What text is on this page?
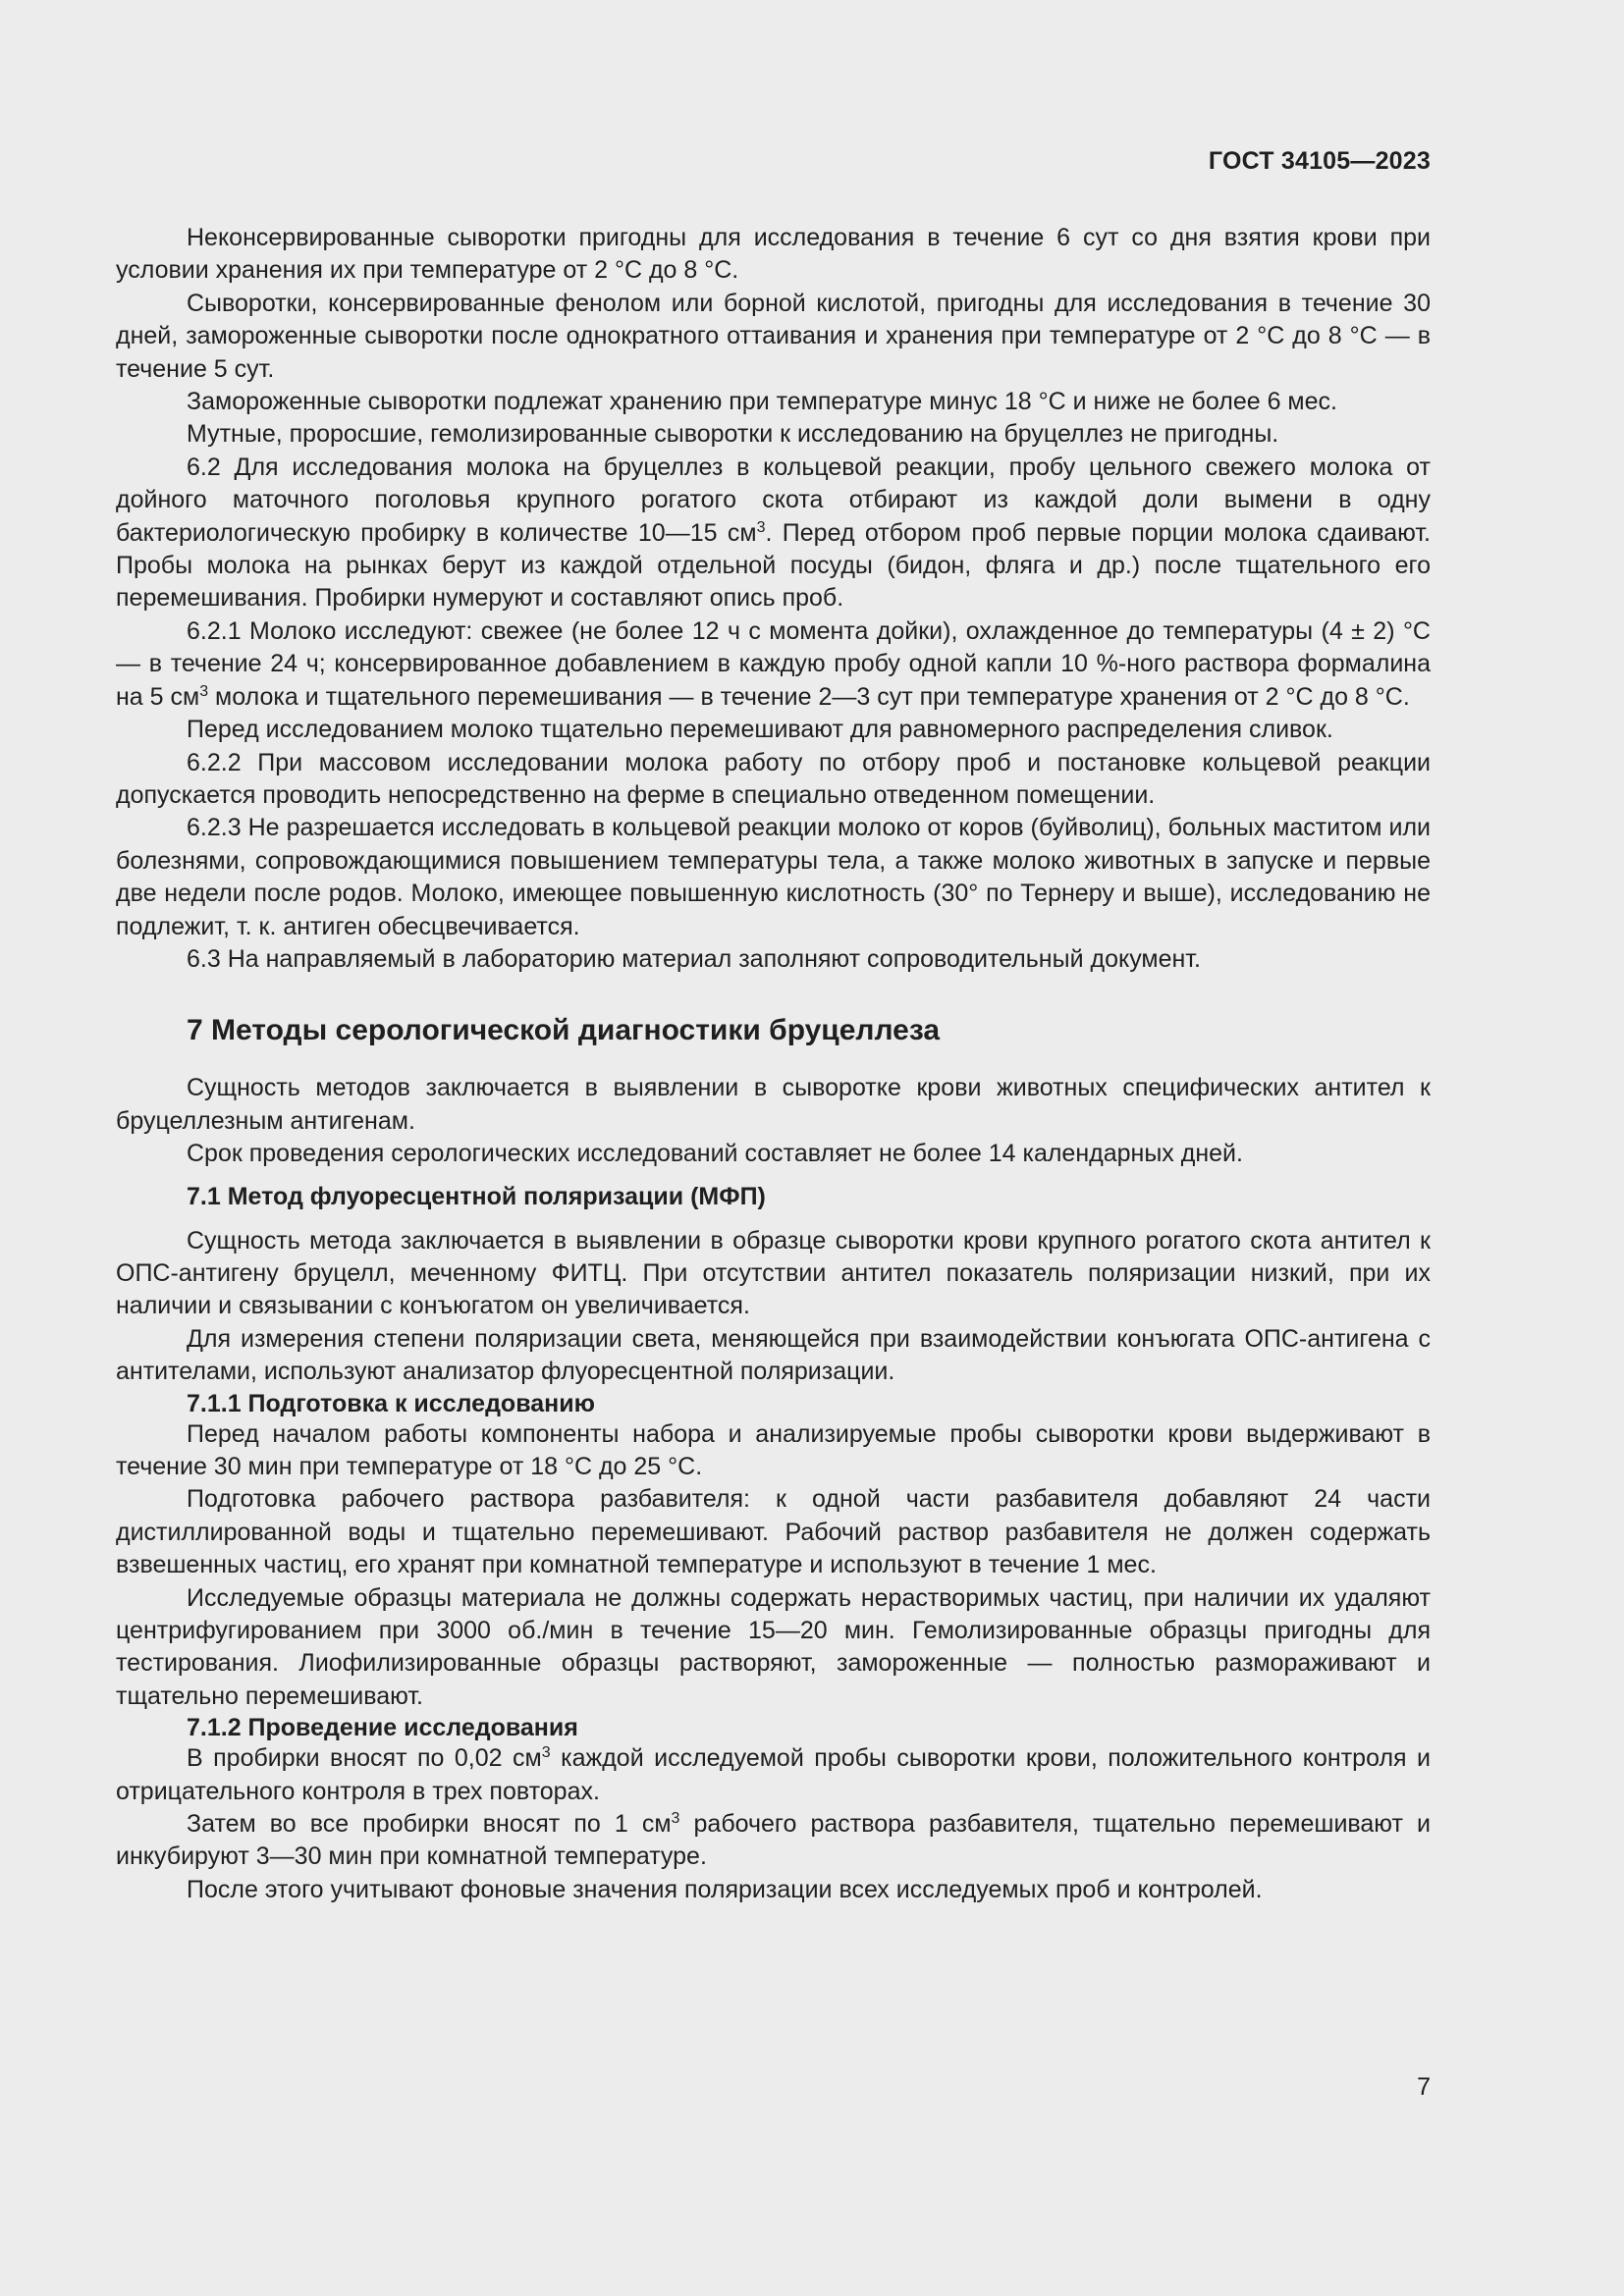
ГОСТ 34105—2023

Неконсервированные сыворотки пригодны для исследования в течение 6 сут со дня взятия крови при условии хранения их при температуре от 2 °С до 8 °С.

Сыворотки, консервированные фенолом или борной кислотой, пригодны для исследования в течение 30 дней, замороженные сыворотки после однократного оттаивания и хранения при температуре от 2 °С до 8 °С — в течение 5 сут.

Замороженные сыворотки подлежат хранению при температуре минус 18 °С и ниже не более 6 мес.

Мутные, проросшие, гемолизированные сыворотки к исследованию на бруцеллез не пригодны.

6.2 Для исследования молока на бруцеллез в кольцевой реакции, пробу цельного свежего молока от дойного маточного поголовья крупного рогатого скота отбирают из каждой доли вымени в одну бактериологическую пробирку в количестве 10—15 $см^3$. Перед отбором проб первые порции молока сдаивают. Пробы молока на рынках берут из каждой отдельной посуды (бидон, фляга и др.) после тщательного его перемешивания. Пробирки нумеруют и составляют опись проб.

6.2.1 Молоко исследуют: свежее (не более 12 ч с момента дойки), охлажденное до температуры (4 ± 2) °С — в течение 24 ч; консервированное добавлением в каждую пробу одной капли 10 %-ного раствора формалина на 5 $см^3$ молока и тщательного перемешивания — в течение 2—3 сут при температуре хранения от 2 °С до 8 °С.

Перед исследованием молоко тщательно перемешивают для равномерного распределения сливок.

6.2.2 При массовом исследовании молока работу по отбору проб и постановке кольцевой реакции допускается проводить непосредственно на ферме в специально отведенном помещении.

6.2.3 Не разрешается исследовать в кольцевой реакции молоко от коров (буйволиц), больных маститом или болезнями, сопровождающимися повышением температуры тела, а также молоко животных в запуске и первые две недели после родов. Молоко, имеющее повышенную кислотность (30° по Тернеру и выше), исследованию не подлежит, т. к. антиген обесцвечивается.

6.3 На направляемый в лабораторию материал заполняют сопроводительный документ.

7 Методы серологической диагностики бруцеллеза

Сущность методов заключается в выявлении в сыворотке крови животных специфических антител к бруцеллезным антигенам.

Срок проведения серологических исследований составляет не более 14 календарных дней.

7.1 Метод флуоресцентной поляризации (МФП)

Сущность метода заключается в выявлении в образце сыворотки крови крупного рогатого скота антител к ОПС-антигену бруцелл, меченному ФИТЦ. При отсутствии антител показатель поляризации низкий, при их наличии и связывании с конъюгатом он увеличивается.

Для измерения степени поляризации света, меняющейся при взаимодействии конъюгата ОПС-антигена с антителами, используют анализатор флуоресцентной поляризации.

7.1.1 Подготовка к исследованию

Перед началом работы компоненты набора и анализируемые пробы сыворотки крови выдерживают в течение 30 мин при температуре от 18 °С до 25 °С.

Подготовка рабочего раствора разбавителя: к одной части разбавителя добавляют 24 части дистиллированной воды и тщательно перемешивают. Рабочий раствор разбавителя не должен содержать взвешенных частиц, его хранят при комнатной температуре и используют в течение 1 мес.

Исследуемые образцы материала не должны содержать нерастворимых частиц, при наличии их удаляют центрифугированием при 3000 об./мин в течение 15—20 мин. Гемолизированные образцы пригодны для тестирования. Лиофилизированные образцы растворяют, замороженные — полностью размораживают и тщательно перемешивают.

7.1.2 Проведение исследования

В пробирки вносят по 0,02 $см^3$ каждой исследуемой пробы сыворотки крови, положительного контроля и отрицательного контроля в трех повторах.

Затем во все пробирки вносят по 1 $см^3$ рабочего раствора разбавителя, тщательно перемешивают и инкубируют 3—30 мин при комнатной температуре.

После этого учитывают фоновые значения поляризации всех исследуемых проб и контролей.

7
